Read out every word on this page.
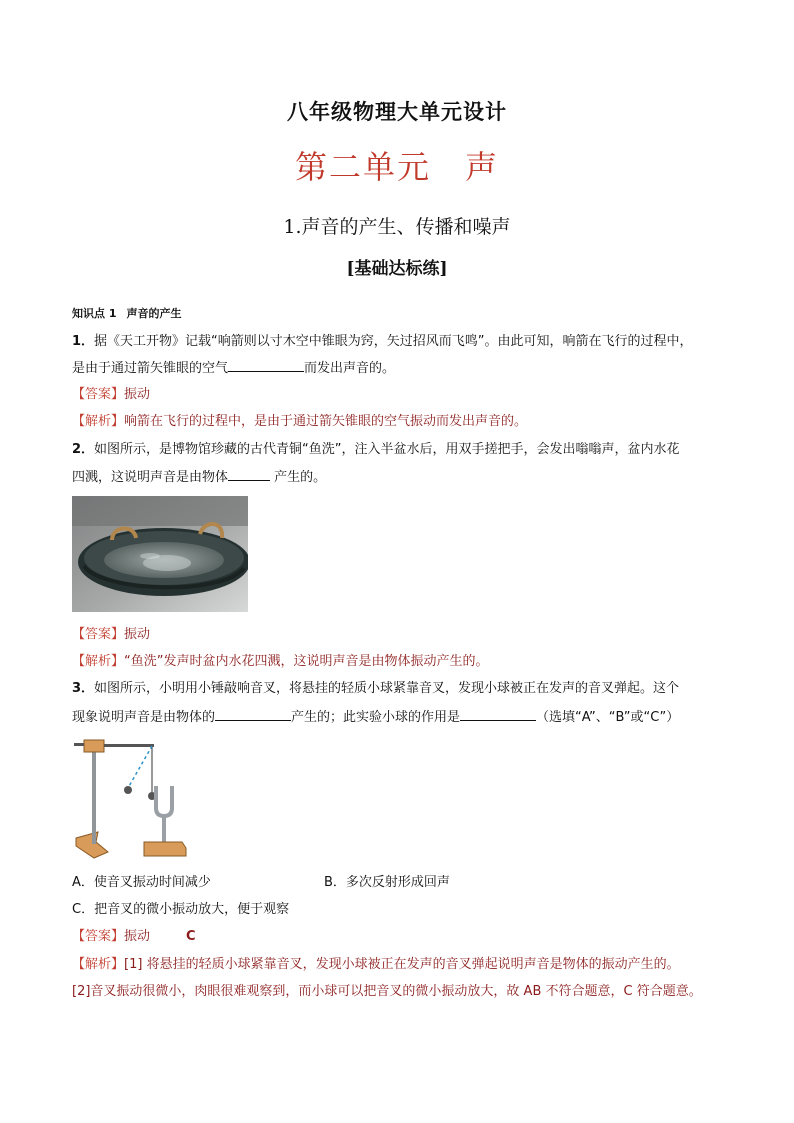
八年级物理大单元设计
第二单元　声
1.声音的产生、传播和噪声
[基础达标练]
知识点 1 声音的产生
1．据《天工开物》记载“响箭则以寸木空中锥眼为窍，矢过招风而飞鸣”。由此可知，响箭在飞行的过程中，
是由于通过箭矢锥眼的空气	而发出声音的。
【答案】振动
【解析】响箭在飞行的过程中，是由于通过箭矢锥眼的空气振动而发出声音的。
2．如图所示，是博物馆珍藏的古代青铜“鱼洗”，注入半盆水后，用双手搓把手，会发出嗡嗡声，盆内水花
四溅，这说明声音是由物体	产生的。
【答案】振动
【解析】“鱼洗”发声时盆内水花四溅，这说明声音是由物体振动产生的。
3．如图所示，小明用小锤敲响音叉，将悬挂的轻质小球紧靠音叉，发现小球被正在发声的音叉弹起。这个
现象说明声音是由物体的	产生的；此实验小球的作用是	（选填“A”、“B”或“C”）
A．使音叉振动时间减少	B．多次反射形成回声
C．把音叉的微小振动放大，便于观察
【答案】振动	C
【解析】[1] 将悬挂的轻质小球紧靠音叉，发现小球被正在发声的音叉弹起说明声音是物体的振动产生的。
[2]音叉振动很微小，肉眼很难观察到，而小球可以把音叉的微小振动放大，故 AB 不符合题意，C 符合题意。
